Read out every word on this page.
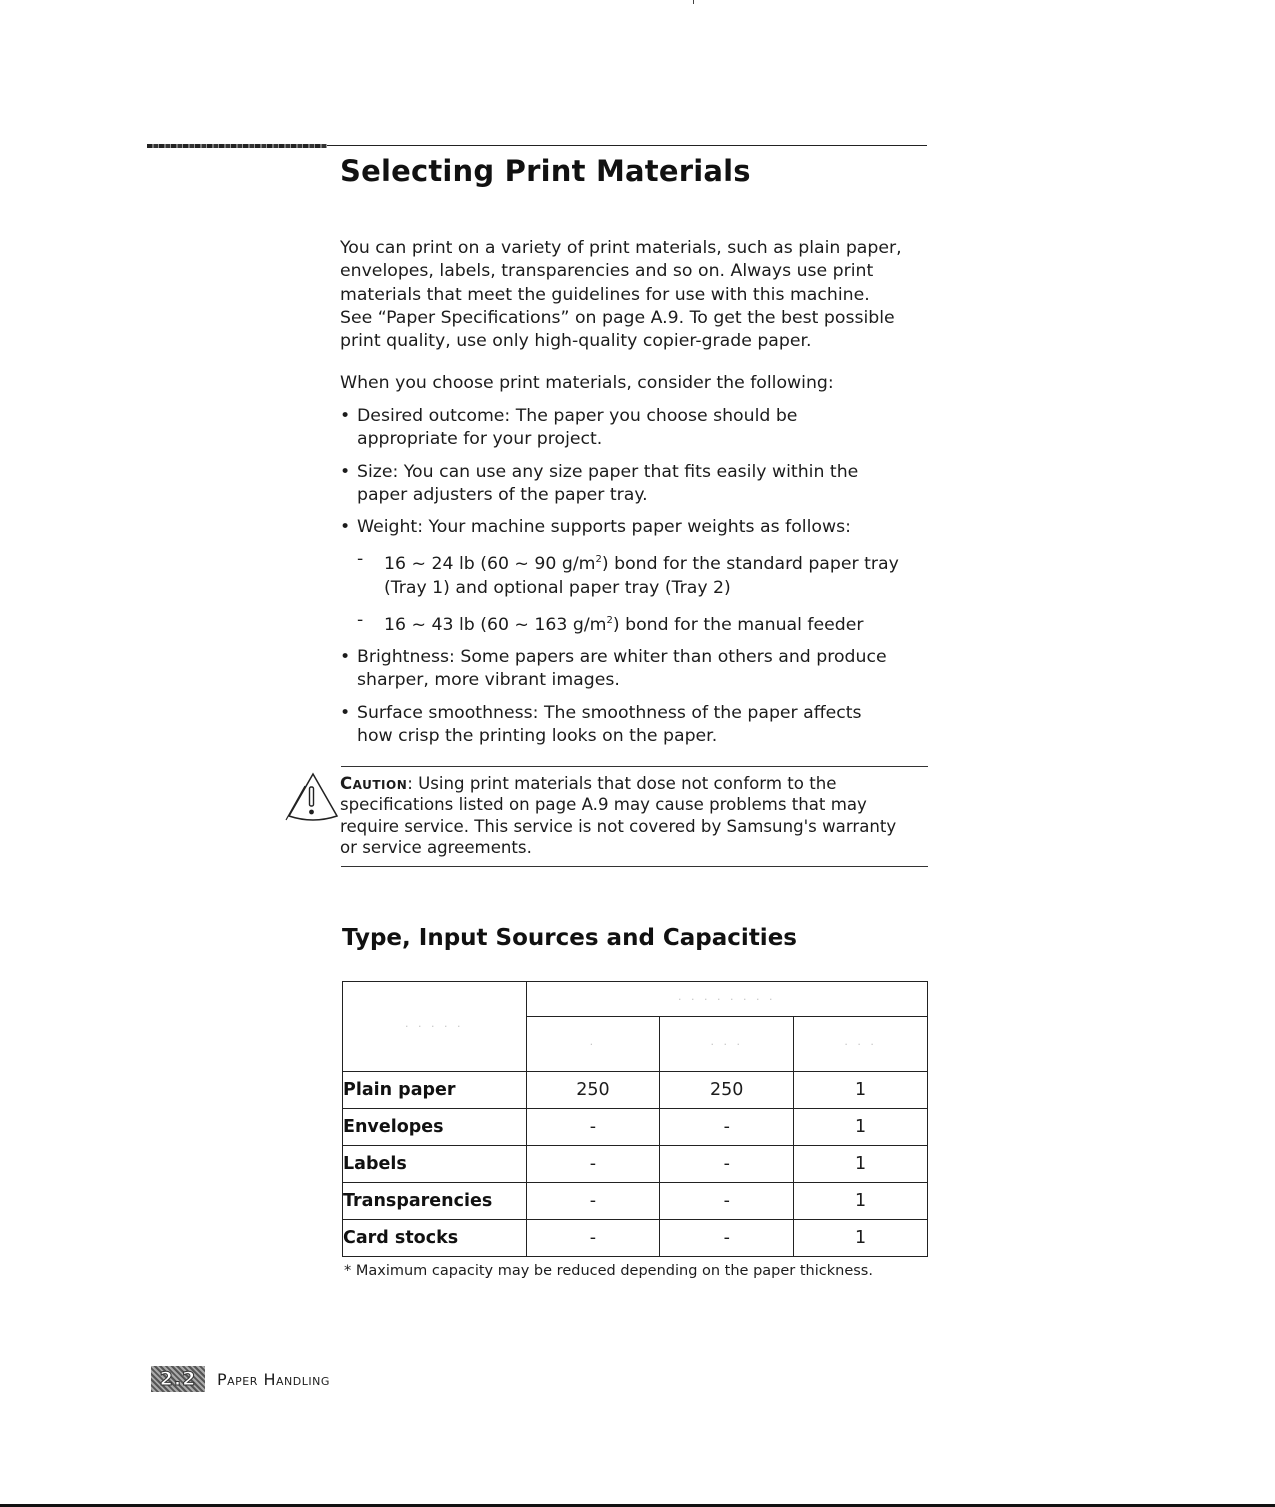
Selecting Print Materials
You can print on a variety of print materials, such as plain paper,
envelopes, labels, transparencies and so on. Always use print
materials that meet the guidelines for use with this machine.
See “Paper Specifications” on page A.9. To get the best possible
print quality, use only high-quality copier-grade paper.
When you choose print materials, consider the following:
• Desired outcome: The paper you choose should be
appropriate for your project.
• Size: You can use any size paper that fits easily within the
paper adjusters of the paper tray.
• Weight: Your machine supports paper weights as follows:
- 16 ~ 24 lb (60 ~ 90 $g/m^2$) bond for the standard paper tray
(Tray 1) and optional paper tray (Tray 2)
- 16 ~ 43 lb (60 ~ 163 $g/m^2$) bond for the manual feeder
• Brightness: Some papers are whiter than others and produce
sharper, more vibrant images.
• Surface smoothness: The smoothness of the paper affects
how crisp the printing looks on the paper.
Caution: Using print materials that dose not conform to the
specifications listed on page A.9 may cause problems that may
require service. This service is not covered by Samsung's warranty
or service agreements.
Type, Input Sources and Capacities
· · · · ·	· · · · · · · ·		
	·	· · ·	· · ·
Plain paper	250	250	1
Envelopes	-	-	1
Labels	-	-	1
Transparencies	-	-	1
Card stocks	-	-	1
* Maximum capacity may be reduced depending on the paper thickness.
2.2	Paper Handling
